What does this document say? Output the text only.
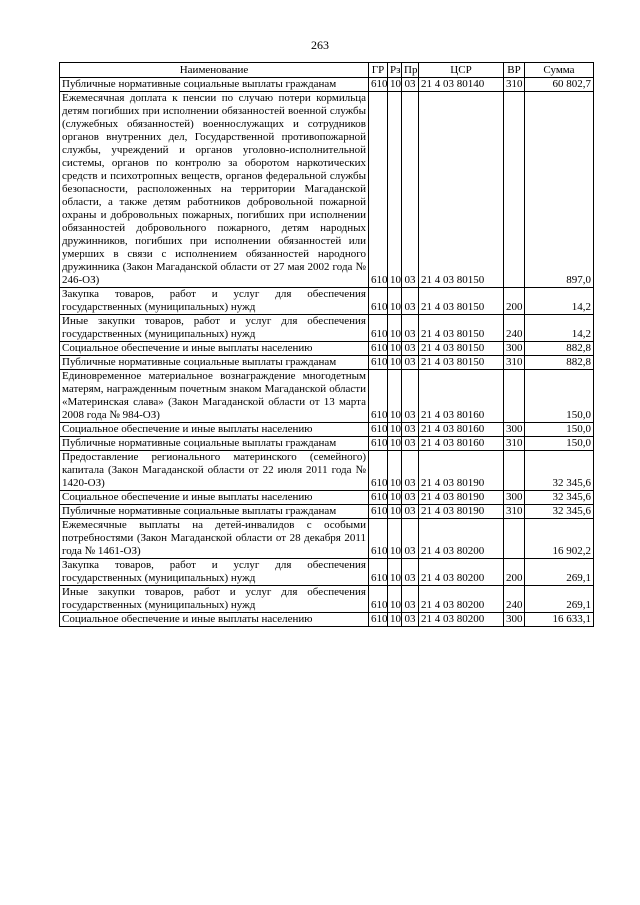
263
Наименование	ГР	Рз	Пр	ЦСР	ВР	Сумма
Публичные нормативные социальные выплаты гражданам	610	10	03	21 4 03 80140	310	60 802,7
Ежемесячная доплата к пенсии по случаю потери кормильца детям погибших при исполнении обязанностей военной службы (служебных обязанностей) военнослужащих и сотрудников органов внутренних дел, Государственной противопожарной службы, учреждений и органов уголовно-исполнительной системы, органов по контролю за оборотом наркотических средств и психотропных веществ, органов федеральной службы безопасности, расположенных на территории Магаданской области, а также детям работников добровольной пожарной охраны и добровольных пожарных, погибших при исполнении обязанностей добровольного пожарного, детям народных дружинников, погибших при исполнении обязанностей или умерших в связи с исполнением обязанностей народного дружинника (Закон Магаданской области от 27 мая 2002 года № 246-ОЗ)	610	10	03	21 4 03 80150		897,0
Закупка товаров, работ и услуг для обеспечения государственных (муниципальных) нужд	610	10	03	21 4 03 80150	200	14,2
Иные закупки товаров, работ и услуг для обеспечения государственных (муниципальных) нужд	610	10	03	21 4 03 80150	240	14,2
Социальное обеспечение и иные выплаты населению	610	10	03	21 4 03 80150	300	882,8
Публичные нормативные социальные выплаты гражданам	610	10	03	21 4 03 80150	310	882,8
Единовременное материальное вознаграждение многодетным матерям, награжденным почетным знаком Магаданской области «Материнская слава» (Закон Магаданской области от 13 марта 2008 года № 984-ОЗ)	610	10	03	21 4 03 80160		150,0
Социальное обеспечение и иные выплаты населению	610	10	03	21 4 03 80160	300	150,0
Публичные нормативные социальные выплаты гражданам	610	10	03	21 4 03 80160	310	150,0
Предоставление регионального материнского (семейного) капитала (Закон Магаданской области от 22 июля 2011 года № 1420-ОЗ)	610	10	03	21 4 03 80190		32 345,6
Социальное обеспечение и иные выплаты населению	610	10	03	21 4 03 80190	300	32 345,6
Публичные нормативные социальные выплаты гражданам	610	10	03	21 4 03 80190	310	32 345,6
Ежемесячные выплаты на детей-инвалидов с особыми потребностями (Закон Магаданской области от 28 декабря 2011 года № 1461-ОЗ)	610	10	03	21 4 03 80200		16 902,2
Закупка товаров, работ и услуг для обеспечения государственных (муниципальных) нужд	610	10	03	21 4 03 80200	200	269,1
Иные закупки товаров, работ и услуг для обеспечения государственных (муниципальных) нужд	610	10	03	21 4 03 80200	240	269,1
Социальное обеспечение и иные выплаты населению	610	10	03	21 4 03 80200	300	16 633,1
